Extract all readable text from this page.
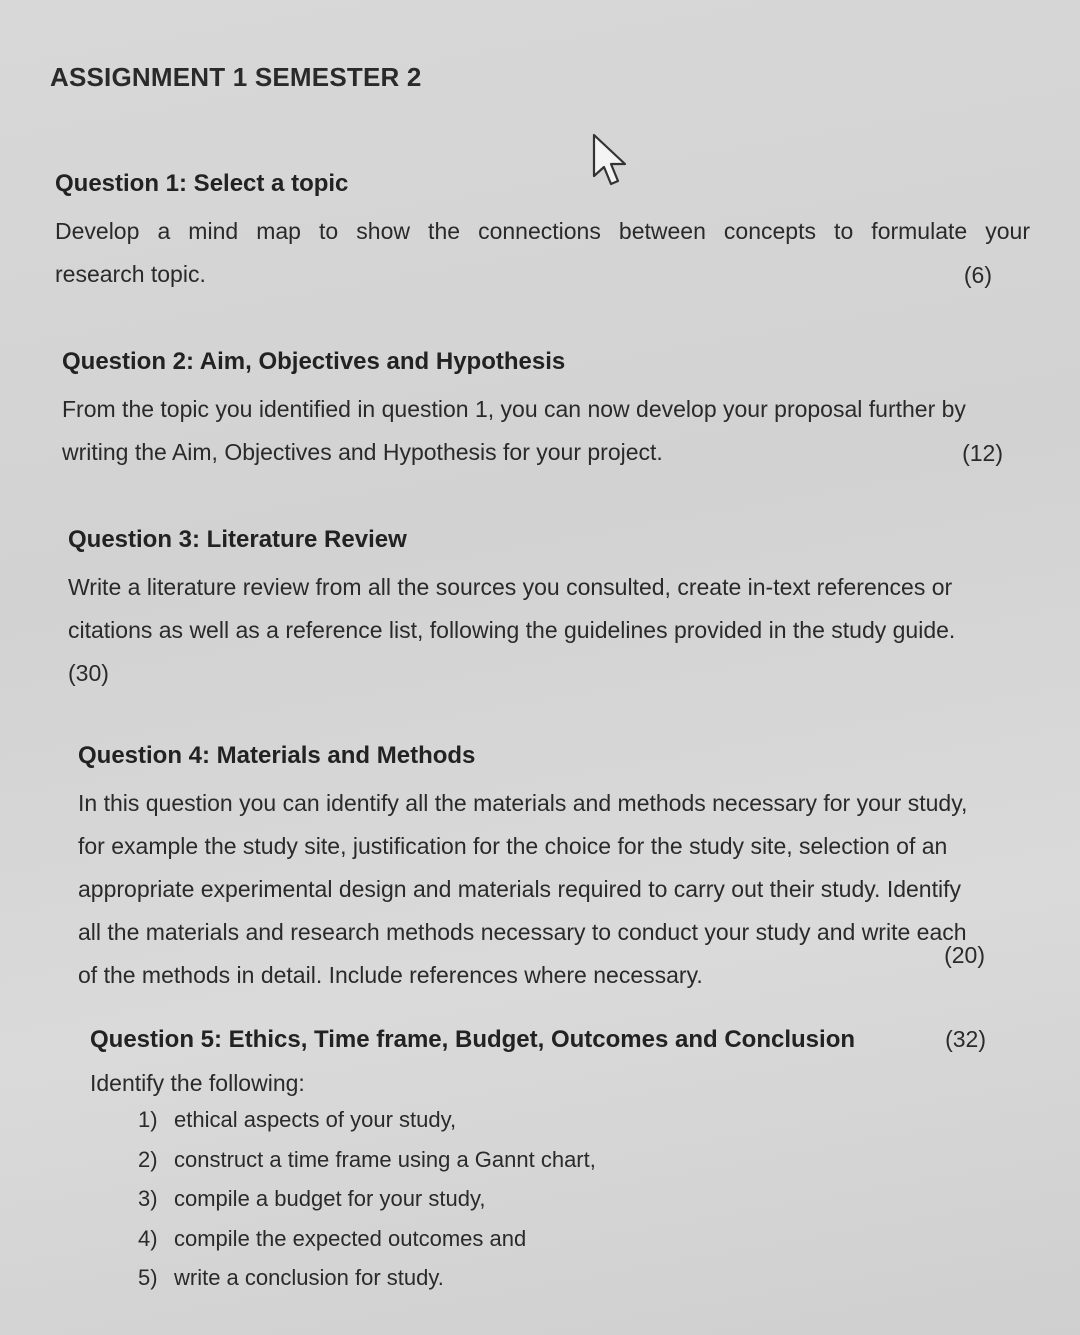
ASSIGNMENT 1 SEMESTER 2
Question 1: Select a topic
Develop a mind map to show the connections between concepts to formulate your
research topic.	(6)
Question 2: Aim, Objectives and Hypothesis
From the topic you identified in question 1, you can now develop your proposal further by
writing the Aim, Objectives and Hypothesis for your project.	(12)
Question 3: Literature Review
Write a literature review from all the sources you consulted, create in-text references or
citations as well as a reference list, following the guidelines provided in the study guide.
(30)
Question 4: Materials and Methods
In this question you can identify all the materials and methods necessary for your study,
for example the study site, justification for the choice for the study site, selection of an
appropriate experimental design and materials required to carry out their study. Identify
all the materials and research methods necessary to conduct your study and write each
of the methods in detail. Include references where necessary.
(20)
Question 5: Ethics, Time frame, Budget, Outcomes and Conclusion	(32)
Identify the following:
1) ethical aspects of your study,
2) construct a time frame using a Gannt chart,
3) compile a budget for your study,
4) compile the expected outcomes and
5) write a conclusion for study.
